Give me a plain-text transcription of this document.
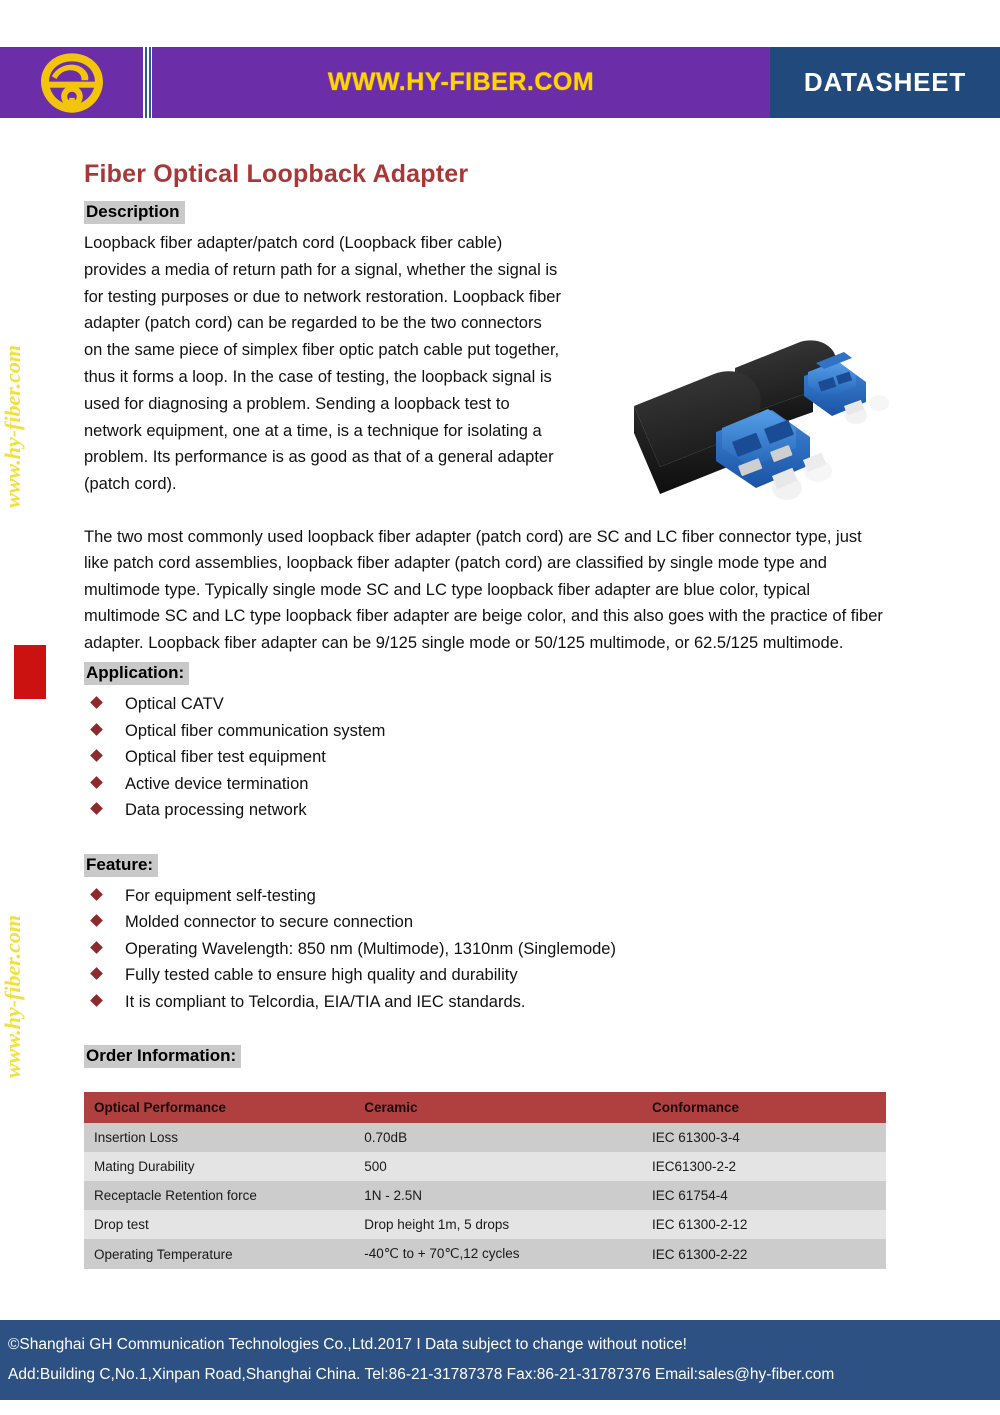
WWW.HY-FIBER.COM	DATASHEET
www.hy-fiber.com
www.hy-fiber.com
Fiber Optical Loopback Adapter
Description

Loopback fiber adapter/patch cord (Loopback fiber cable) provides a media of return path for a signal, whether the signal is for testing purposes or due to network restoration. Loopback fiber adapter (patch cord) can be regarded to be the two connectors on the same piece of simplex fiber optic patch cable put together, thus it forms a loop. In the case of testing, the loopback signal is used for diagnosing a problem. Sending a loopback test to network equipment, one at a time, is a technique for isolating a problem. Its performance is as good as that of a general adapter (patch cord).

The two most commonly used loopback fiber adapter (patch cord) are SC and LC fiber connector type, just like patch cord assemblies, loopback fiber adapter (patch cord) are classified by single mode type and multimode type. Typically single mode SC and LC type loopback fiber adapter are blue color, typical multimode SC and LC type loopback fiber adapter are beige color, and this also goes with the practice of fiber adapter. Loopback fiber adapter can be 9/125 single mode or 50/125 multimode, or 62.5/125 multimode.

Application:
Optical CATV
Optical fiber communication system
Optical fiber test equipment
Active device termination
Data processing network
Feature:
For equipment self-testing
Molded connector to secure connection
Operating Wavelength: 850 nm (Multimode), 1310nm (Singlemode)
Fully tested cable to ensure high quality and durability
It is compliant to Telcordia, EIA/TIA and IEC standards.
Order Information:
Optical Performance	Ceramic	Conformance
Insertion Loss	0.70dB	IEC 61300-3-4
Mating Durability	500	IEC61300-2-2
Receptacle Retention force	1N - 2.5N	IEC 61754-4
Drop test	Drop height 1m, 5 drops	IEC 61300-2-12
Operating Temperature	-40℃ to + 70℃,12 cycles	IEC 61300-2-22
©Shanghai GH Communication Technologies Co.,Ltd.2017 I Data subject to change without notice!
Add:Building C,No.1,Xinpan Road,Shanghai China. Tel:86-21-31787378 Fax:86-21-31787376 Email:sales@hy-fiber.com
